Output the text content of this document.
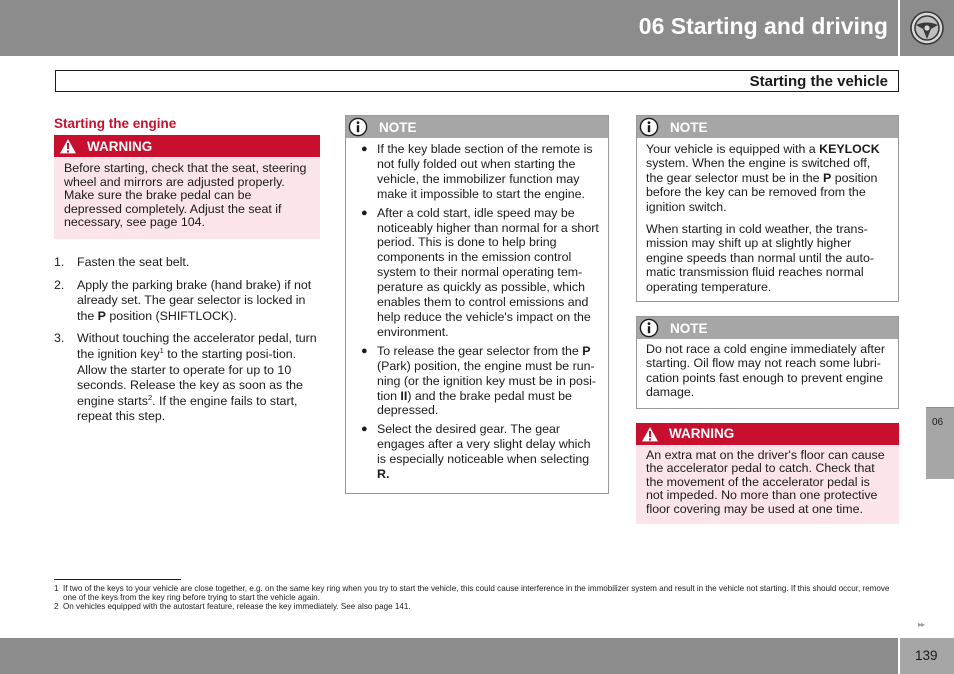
06 Starting and driving
Starting the vehicle
Starting the engine
WARNING
Before starting, check that the seat, steering wheel and mirrors are adjusted properly. Make sure the brake pedal can be depressed completely. Adjust the seat if necessary, see page 104.
1.	Fasten the seat belt.
2.	Apply the parking brake (hand brake) if not already set. The gear selector is locked in the P position (SHIFTLOCK).
3.	Without touching the accelerator pedal, turn the ignition key$^1$ to the starting posi-tion. Allow the starter to operate for up to 10 seconds. Release the key as soon as the engine starts$^2$. If the engine fails to start, repeat this step.
NOTE
● If the key blade section of the remote is not fully folded out when starting the vehicle, the immobilizer function may make it impossible to start the engine.
● After a cold start, idle speed may be noticeably higher than normal for a short period. This is done to help bring components in the emission control system to their normal operating tem-perature as quickly as possible, which enables them to control emissions and help reduce the vehicle's impact on the environment.
● To release the gear selector from the P (Park) position, the engine must be run-ning (or the ignition key must be in posi-tion II) and the brake pedal must be depressed.
● Select the desired gear. The gear engages after a very slight delay which is especially noticeable when selecting R.
NOTE

Your vehicle is equipped with a KEYLOCK system. When the engine is switched off, the gear selector must be in the P position before the key can be removed from the ignition switch.

When starting in cold weather, the trans-mission may shift up at slightly higher engine speeds than normal until the auto-matic transmission fluid reaches normal operating temperature.

NOTE
Do not race a cold engine immediately after starting. Oil flow may not reach some lubri-cation points fast enough to prevent engine damage.
WARNING
An extra mat on the driver's floor can cause the accelerator pedal to catch. Check that the movement of the accelerator pedal is not impeded. No more than one protective floor covering may be used at one time.
1 If two of the keys to your vehicle are close together, e.g. on the same key ring when you try to start the vehicle, this could cause interference in the immobilizer system and result in the vehicle not starting. If this should occur, remove one of the keys from the key ring before trying to start the vehicle again.
2 On vehicles equipped with the autostart feature, release the key immediately. See also page 141.
06
▸▸
139
